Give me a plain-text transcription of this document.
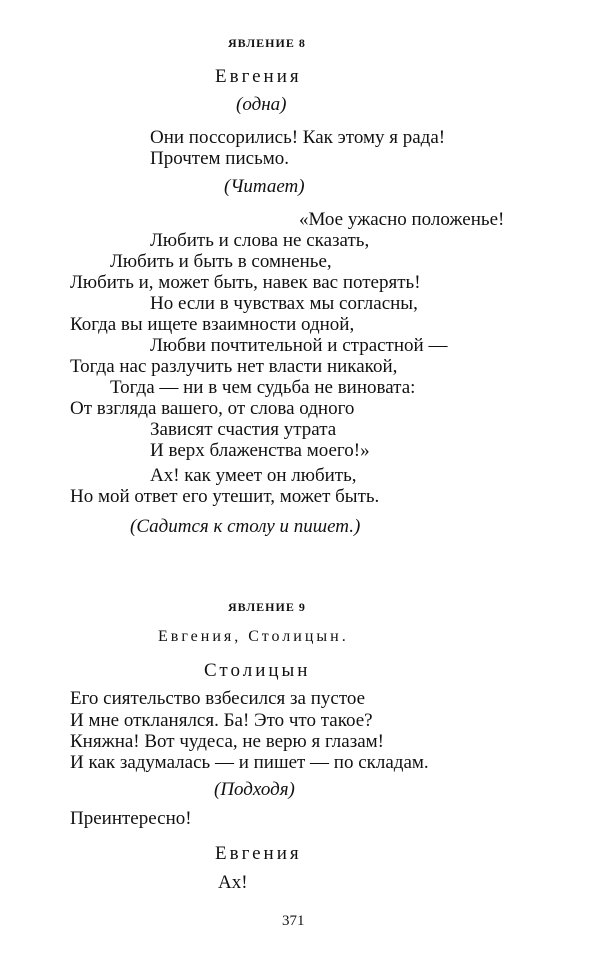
ЯВЛЕНИЕ 8
Евгения
(одна)
Они поссорились! Как этому я рада!
Прочтем письмо.
(Читает)
«Мое ужасно положенье!
Любить и слова не сказать,
Любить и быть в сомненье,
Любить и, может быть, навек вас потерять!
Но если в чувствах мы согласны,
Когда вы ищете взаимности одной,
Любви почтительной и страстной —
Тогда нас разлучить нет власти никакой,
Тогда — ни в чем судьба не виновата:
От взгляда вашего, от слова одного
Зависят счастия утрата
И верх блаженства моего!»
Ах! как умеет он любить,
Но мой ответ его утешит, может быть.
(Садится к столу и пишет.)
ЯВЛЕНИЕ 9
Евгения, Столицын.
Столицын
Его сиятельство взбесился за пустое
И мне откланялся. Ба! Это что такое?
Княжна! Вот чудеса, не верю я глазам!
И как задумалась — и пишет — по складам.
(Подходя)
Преинтересно!
Евгения
Ах!
371
